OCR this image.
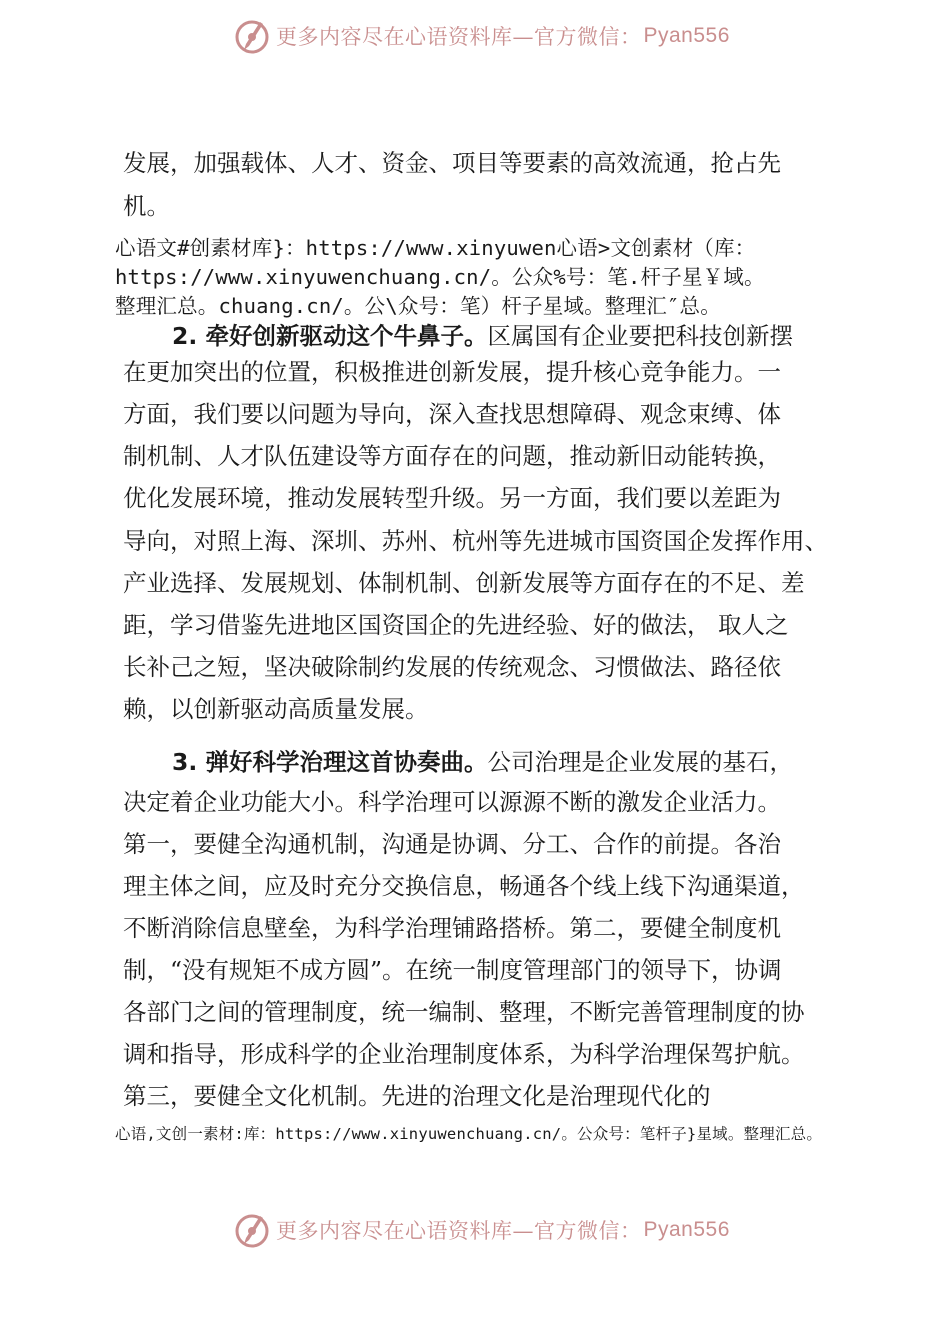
更多内容尽在心语资料库—官方微信： Pyan556
发展，加强载体、人才、资金、项目等要素的高效流通，抢占先
机。
心语文#创素材库}：https://www.xinyuwen心语>文创素材（库：
https://www.xinyuwenchuang.cn/。公众%号：笔.杆子星￥域。
整理汇总。chuang.cn/。公\众号：笔）杆子星域。整理汇″总。
2. 牵好创新驱动这个牛鼻子。区属国有企业要把科技创新摆
在更加突出的位置，积极推进创新发展，提升核心竞争能力。一
方面，我们要以问题为导向，深入查找思想障碍、观念束缚、体
制机制、人才队伍建设等方面存在的问题，推动新旧动能转换，
优化发展环境，推动发展转型升级。另一方面，我们要以差距为
导向，对照上海、深圳、苏州、杭州等先进城市国资国企发挥作用、
产业选择、发展规划、体制机制、创新发展等方面存在的不足、差
距，学习借鉴先进地区国资国企的先进经验、好的做法， 取人之
长补己之短，坚决破除制约发展的传统观念、习惯做法、路径依
赖，以创新驱动高质量发展。
3. 弹好科学治理这首协奏曲。公司治理是企业发展的基石，
决定着企业功能大小。科学治理可以源源不断的激发企业活力。
第一，要健全沟通机制，沟通是协调、分工、合作的前提。各治
理主体之间，应及时充分交换信息，畅通各个线上线下沟通渠道，
不断消除信息壁垒，为科学治理铺路搭桥。第二，要健全制度机
制，“没有规矩不成方圆”。在统一制度管理部门的领导下，协调
各部门之间的管理制度，统一编制、整理，不断完善管理制度的协
调和指导，形成科学的企业治理制度体系，为科学治理保驾护航。
第三，要健全文化机制。先进的治理文化是治理现代化的
心语,文创一素材:库：https://www.xinyuwenchuang.cn/。公众号：笔杆子}星域。整理汇总。
更多内容尽在心语资料库—官方微信： Pyan556
